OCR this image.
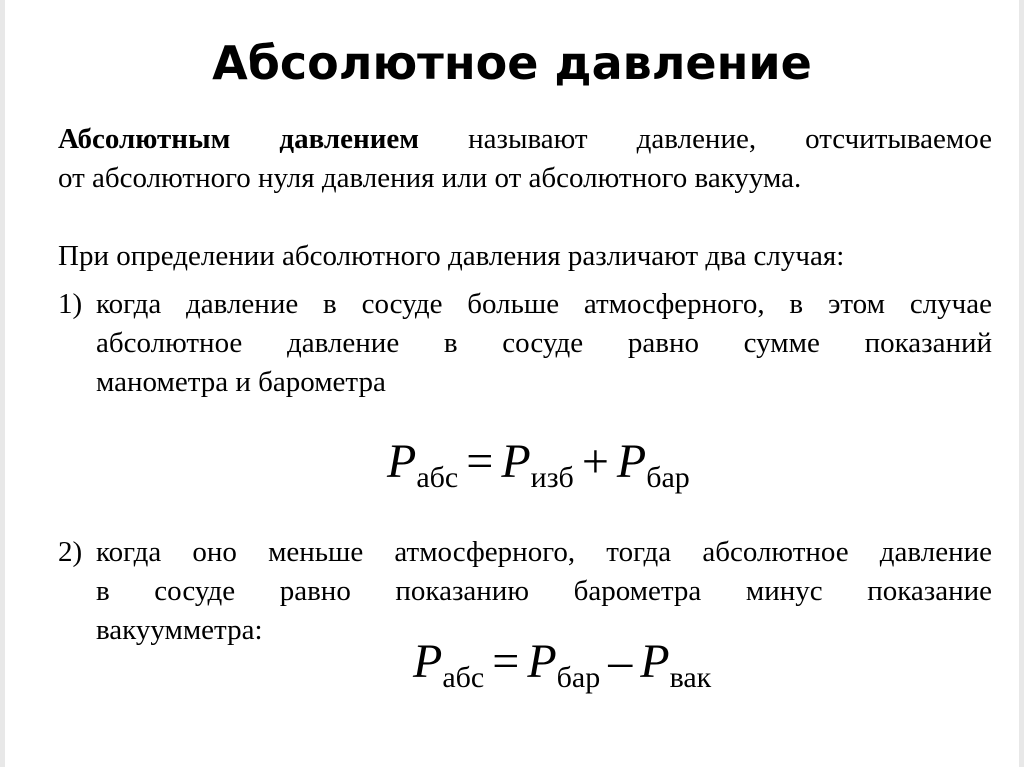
Абсолютное давление
Абсолютным давлением называют давление, отсчитываемое
от абсолютного нуля давления или от абсолютного вакуума.
При определении абсолютного давления различают два случая:
1) когда давление в сосуде больше атмосферного, в этом случае
абсолютное давление в сосуде равно сумме показаний
манометра и барометра
$P_{абс} = P_{изб} + P_{бар}$
2) когда оно меньше атмосферного, тогда абсолютное давление
в сосуде равно показанию барометра минус показание
вакуумметра:
$P_{абс} = P_{бар} - P_{вак}$
